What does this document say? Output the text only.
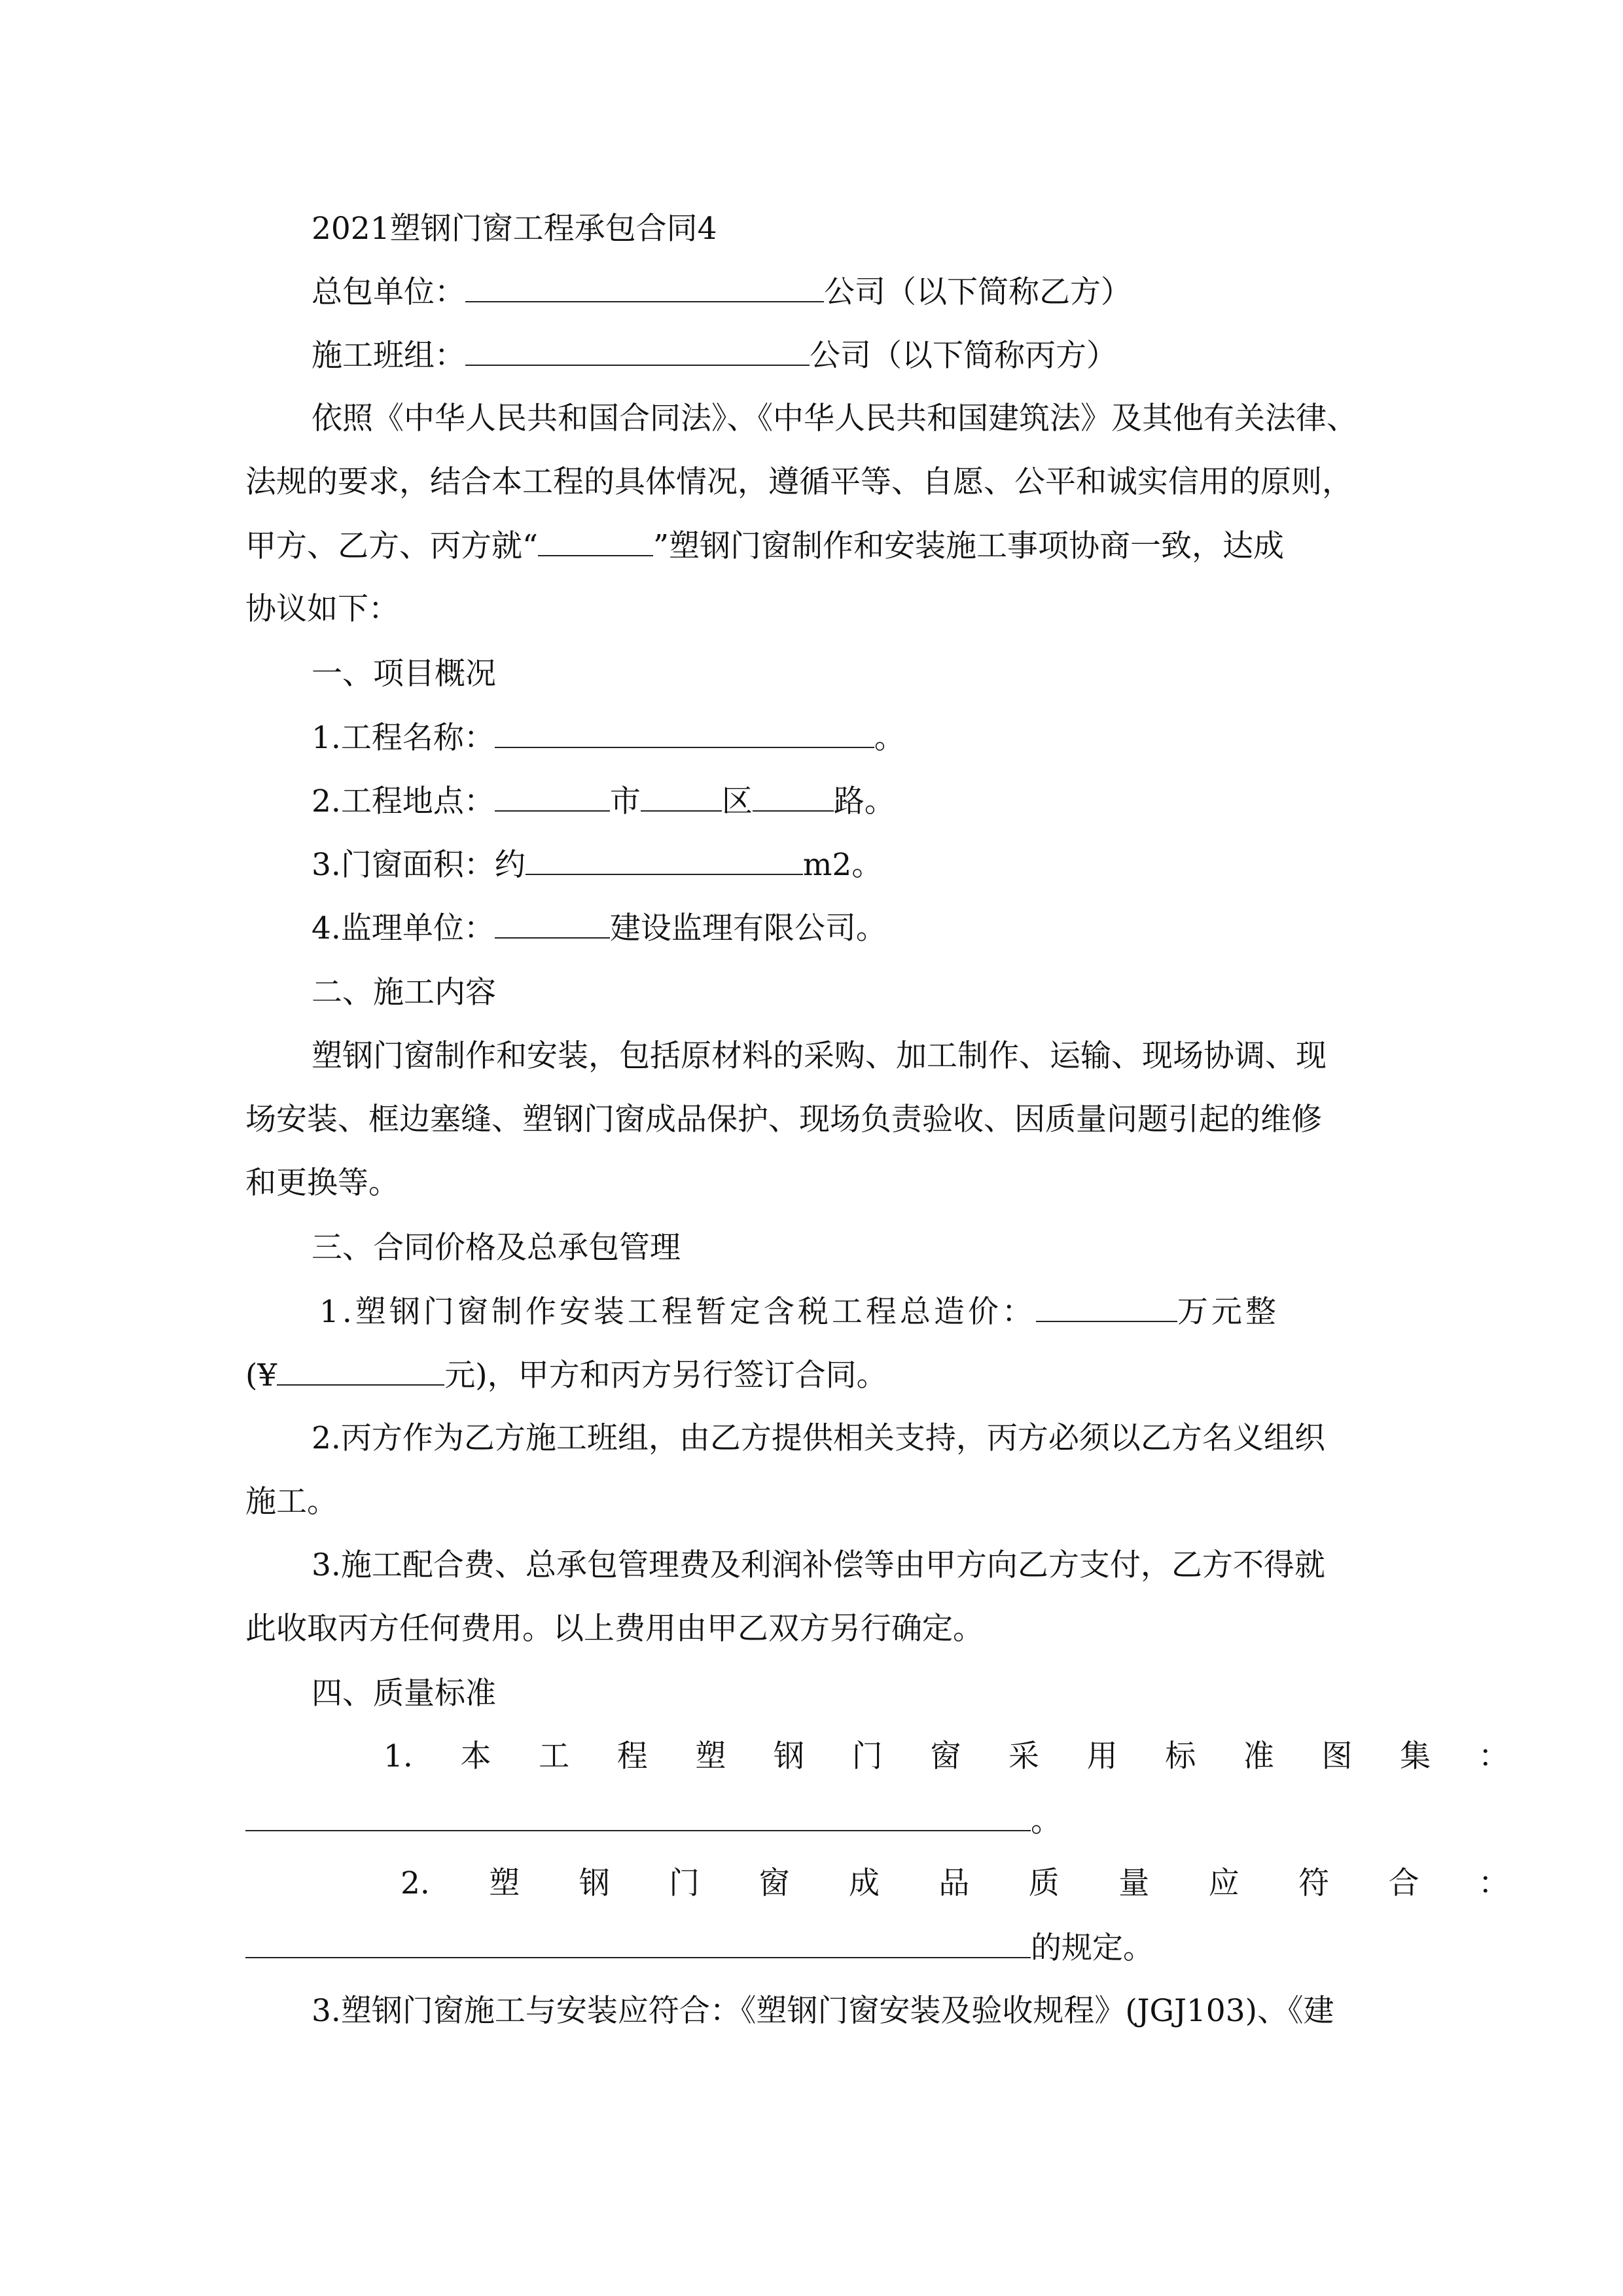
2021塑钢门窗工程承包合同4
总包单位：	公司（以下简称乙方）
施工班组：	公司（以下简称丙方）
依照《中华人民共和国合同法》、《中华人民共和国建筑法》及其他有关法律、
法规的要求，结合本工程的具体情况，遵循平等、自愿、公平和诚实信用的原则，
甲方、乙方、丙方就“	”塑钢门窗制作和安装施工事项协商一致，达成
协议如下：
一、项目概况
1.工程名称：	。
2.工程地点：	市	区	路。
3.门窗面积：约	m2。
4.监理单位：	建设监理有限公司。
二、施工内容
塑钢门窗制作和安装，包括原材料的采购、加工制作、运输、现场协调、现
场安装、框边塞缝、塑钢门窗成品保护、现场负责验收、因质量问题引起的维修
和更换等。
三、合同价格及总承包管理
1.塑钢门窗制作安装工程暂定含税工程总造价：	万元整
(¥	元)，甲方和丙方另行签订合同。
2.丙方作为乙方施工班组，由乙方提供相关支持，丙方必须以乙方名义组织
施工。
3.施工配合费、总承包管理费及利润补偿等由甲方向乙方支付，乙方不得就
此收取丙方任何费用。以上费用由甲乙双方另行确定。
四、质量标准
1. 本 工 程 塑 钢 门 窗 采 用 标 准 图 集 ：
。
2. 塑 钢 门 窗 成 品 质 量 应 符 合 ：
的规定。
3.塑钢门窗施工与安装应符合：《塑钢门窗安装及验收规程》(JGJ103)、《建
